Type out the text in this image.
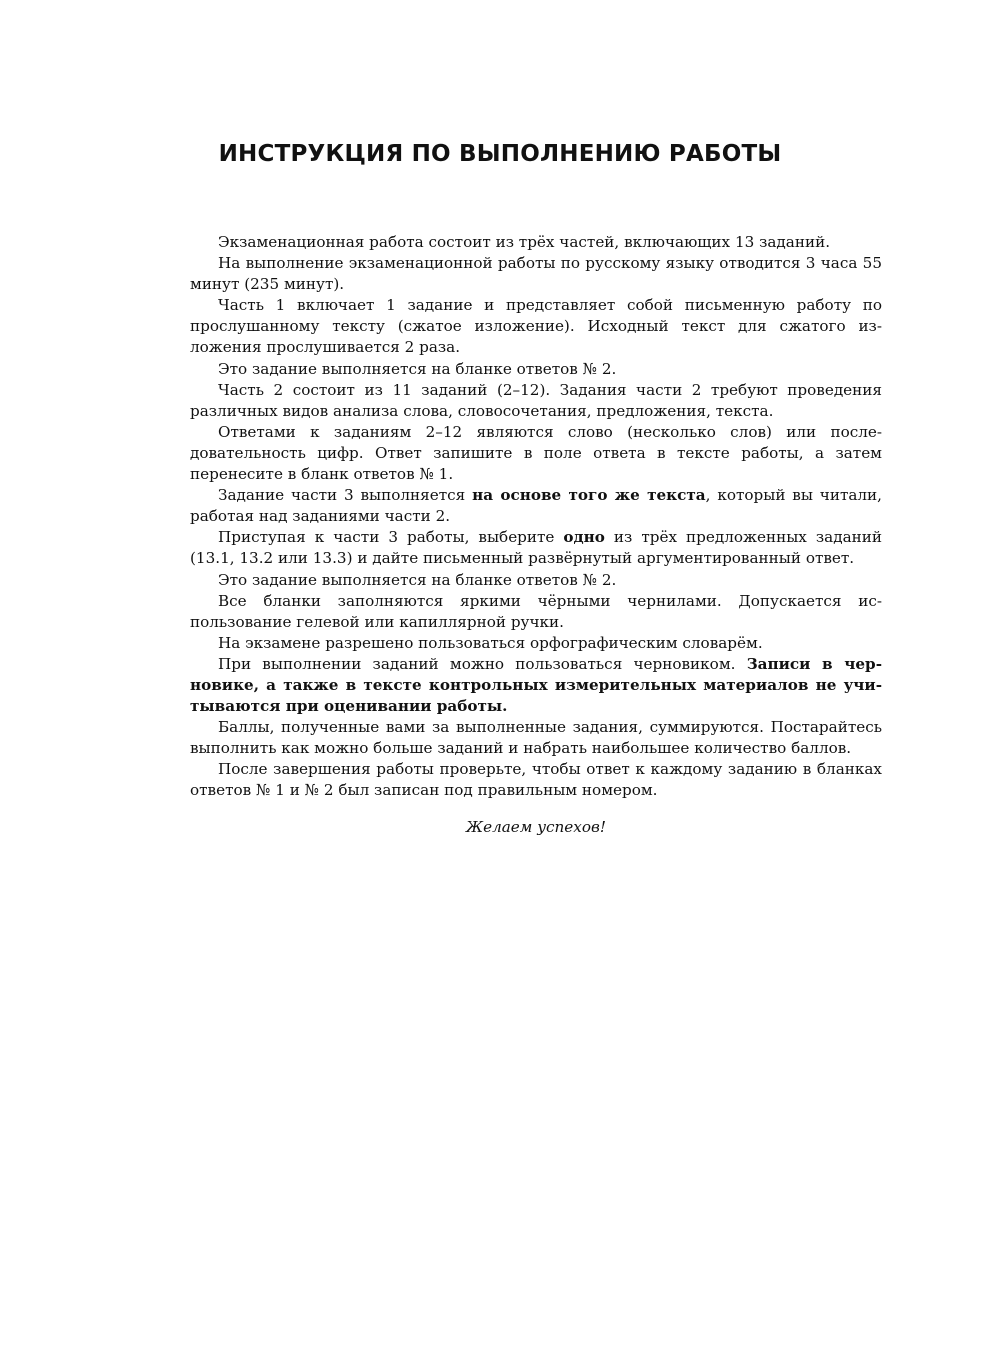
ИНСТРУКЦИЯ ПО ВЫПОЛНЕНИЮ РАБОТЫ

Экзаменационная работа состоит из трёх частей, включающих 13 заданий.

На выполнение экзаменационной работы по русскому языку отводится 3 часа 55 минут (235 минут).

Часть 1 включает 1 задание и представляет собой письменную работу по прослушанному тексту (сжатое изложение). Исходный текст для сжатого изложения прослушивается 2 раза.

Это задание выполняется на бланке ответов № 2.

Часть 2 состоит из 11 заданий (2–12). Задания части 2 требуют проведения различных видов анализа слова, словосочетания, предложения, текста.

Ответами к заданиям 2–12 являются слово (несколько слов) или последовательность цифр. Ответ запишите в поле ответа в тексте работы, а затем перенесите в бланк ответов № 1.

Задание части 3 выполняется на основе того же текста, который вы читали, работая над заданиями части 2.

Приступая к части 3 работы, выберите одно из трёх предложенных заданий (13.1, 13.2 или 13.3) и дайте письменный развёрнутый аргументированный ответ.

Это задание выполняется на бланке ответов № 2.

Все бланки заполняются яркими чёрными чернилами. Допускается использование гелевой или капиллярной ручки.

На экзамене разрешено пользоваться орфографическим словарём.

При выполнении заданий можно пользоваться черновиком. Записи в черновике, а также в тексте контрольных измерительных материалов не учитываются при оценивании работы.

Баллы, полученные вами за выполненные задания, суммируются. Постарайтесь выполнить как можно больше заданий и набрать наибольшее количество баллов.

После завершения работы проверьте, чтобы ответ к каждому заданию в бланках ответов № 1 и № 2 был записан под правильным номером.

Желаем успехов!
